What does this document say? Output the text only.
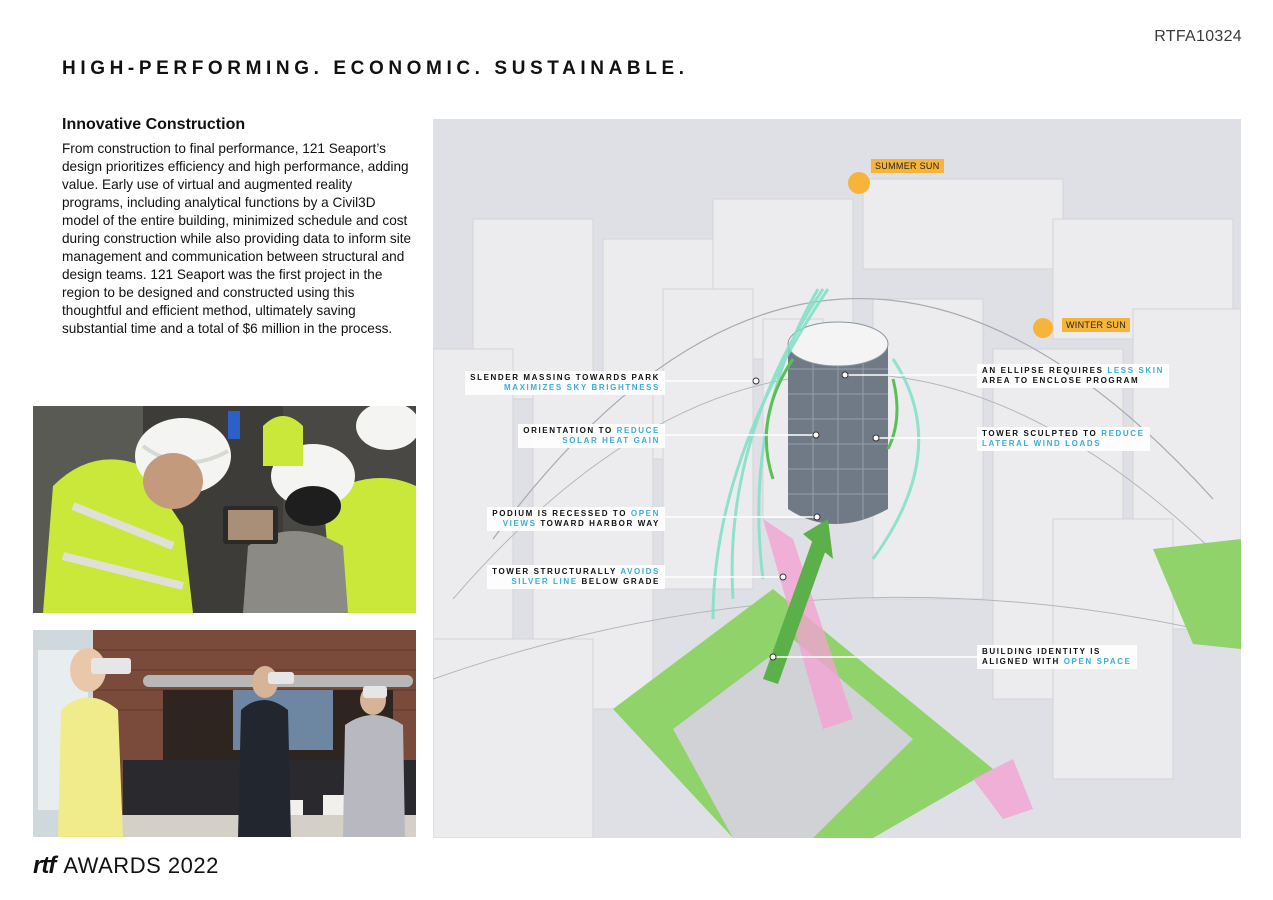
RTFA10324
HIGH-PERFORMING. ECONOMIC. SUSTAINABLE.
Innovative Construction
From construction to final performance, 121 Seaport’s design prioritizes efficiency and high performance, adding value. Early use of virtual and augmented reality programs, including analytical functions by a Civil3D model of the entire building, minimized schedule and cost during construction while also providing data to inform site management and communication between structural and design teams. 121 Seaport was the first project in the region to be designed and constructed using this thoughtful and efficient method, ultimately saving substantial time and a total of $6 million in the process.
SUMMER SUN
WINTER SUN
SLENDER MASSING TOWARDS PARK
MAXIMIZES SKY BRIGHTNESS
ORIENTATION TO REDUCE
SOLAR HEAT GAIN
PODIUM IS RECESSED TO OPEN
VIEWS TOWARD HARBOR WAY
TOWER STRUCTURALLY AVOIDS
SILVER LINE BELOW GRADE
AN ELLIPSE REQUIRES LESS SKIN
AREA TO ENCLOSE PROGRAM
TOWER SCULPTED TO REDUCE
LATERAL WIND LOADS
BUILDING IDENTITY IS
ALIGNED WITH OPEN SPACE
rtf AWARDS 2022
